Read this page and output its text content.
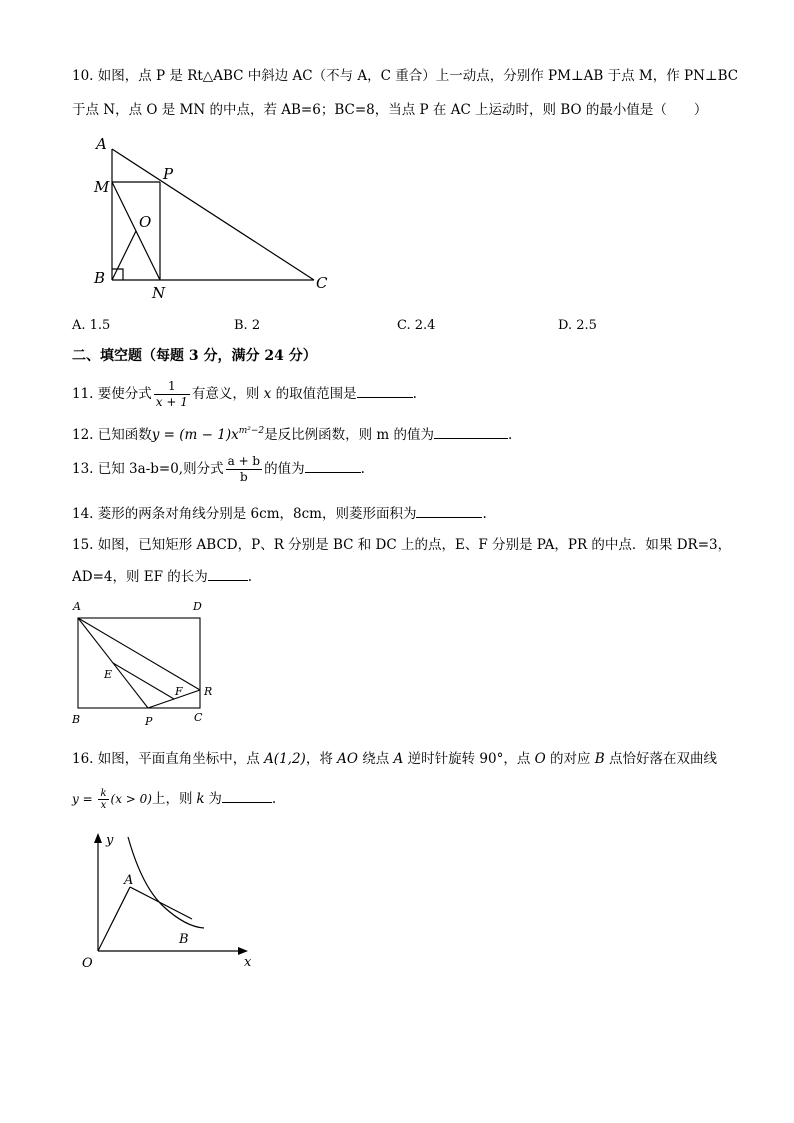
10. 如图，点 P 是 Rt△ABC 中斜边 AC（不与 A，C 重合）上一动点，分别作 PM⊥AB 于点 M，作 PN⊥BC
于点 N，点 O 是 MN 的中点，若 AB=6；BC=8，当点 P 在 AC 上运动时，则 BO 的最小值是（　　）
A
M
P
O
B
N
C
A. 1.5	B. 2	C. 2.4	D. 2.5
二、填空题（每题 3 分，满分 24 分）
11. 要使分式 $\frac{1}{x + 1}$ 有意义，则 x 的取值范围是	.
12. 已知函数$y = (m - 1)x^{m^2-2}$是反比例函数，则 m 的值为	.
13. 已知 3a-b=0,则分式 $\frac{a + b}{b}$ 的值为	.
14. 菱形的两条对角线分别是 6cm，8cm，则菱形面积为	.
15. 如图，已知矩形 ABCD，P、R 分别是 BC 和 DC 上的点，E、F 分别是 PA，PR 的中点．如果 DR=3，
AD=4，则 EF 的长为	.
A	D
E
F R
B	P	C
16. 如图，平面直角坐标中，点 A(1,2)，将 AO 绕点 A 逆时针旋转 90°，点 O 的对应 B 点恰好落在双曲线
$y = \frac{k}{x} (x > 0)$上，则 k 为	.
y
A
B
O	x
